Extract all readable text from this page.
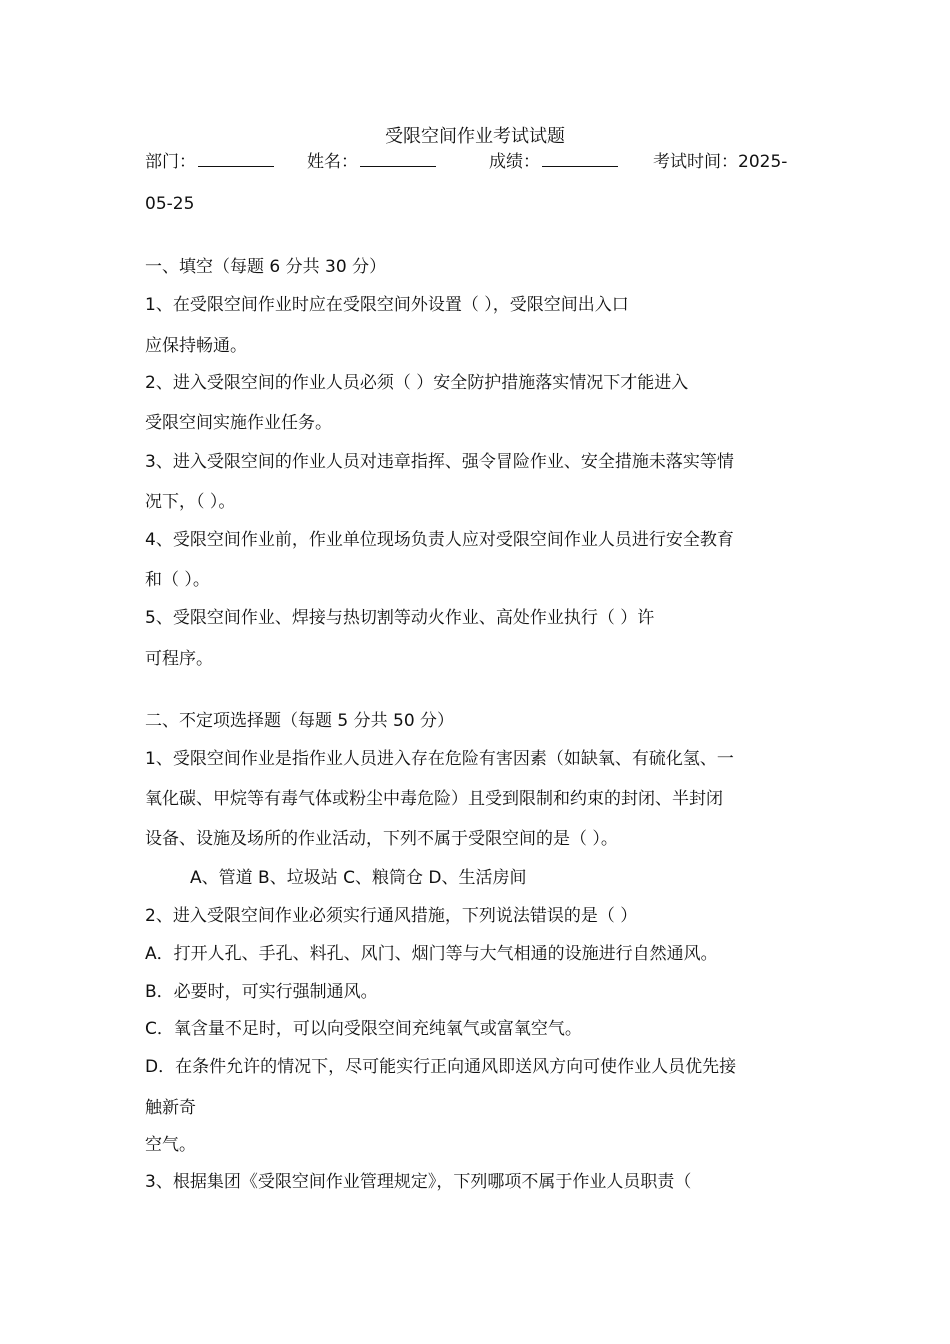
受限空间作业考试试题
部门：	姓名：	成绩：	考试时间：2025-
05-25
一、填空（每题 6 分共 30 分）
1、在受限空间作业时应在受限空间外设置（ ），受限空间出入口
应保持畅通。
2、进入受限空间的作业人员必须（ ）安全防护措施落实情况下才能进入
受限空间实施作业任务。
3、进入受限空间的作业人员对违章指挥、强令冒险作业、安全措施未落实等情
况下，（ ）。
4、受限空间作业前，作业单位现场负责人应对受限空间作业人员进行安全教育
和（ ）。
5、受限空间作业、焊接与热切割等动火作业、高处作业执行（ ）许
可程序。
二、不定项选择题（每题 5 分共 50 分）
1、受限空间作业是指作业人员进入存在危险有害因素（如缺氧、有硫化氢、一
氧化碳、甲烷等有毒气体或粉尘中毒危险）且受到限制和约束的封闭、半封闭
设备、设施及场所的作业活动，下列不属于受限空间的是（ ）。
A、管道 B、垃圾站 C、粮筒仓 D、生活房间
2、进入受限空间作业必须实行通风措施，下列说法错误的是（ ）
A．打开人孔、手孔、料孔、风门、烟门等与大气相通的设施进行自然通风。
B．必要时，可实行强制通风。
C．氧含量不足时，可以向受限空间充纯氧气或富氧空气。
D．在条件允许的情况下，尽可能实行正向通风即送风方向可使作业人员优先接
触新奇
空气。
3、根据集团《受限空间作业管理规定》，下列哪项不属于作业人员职责（
